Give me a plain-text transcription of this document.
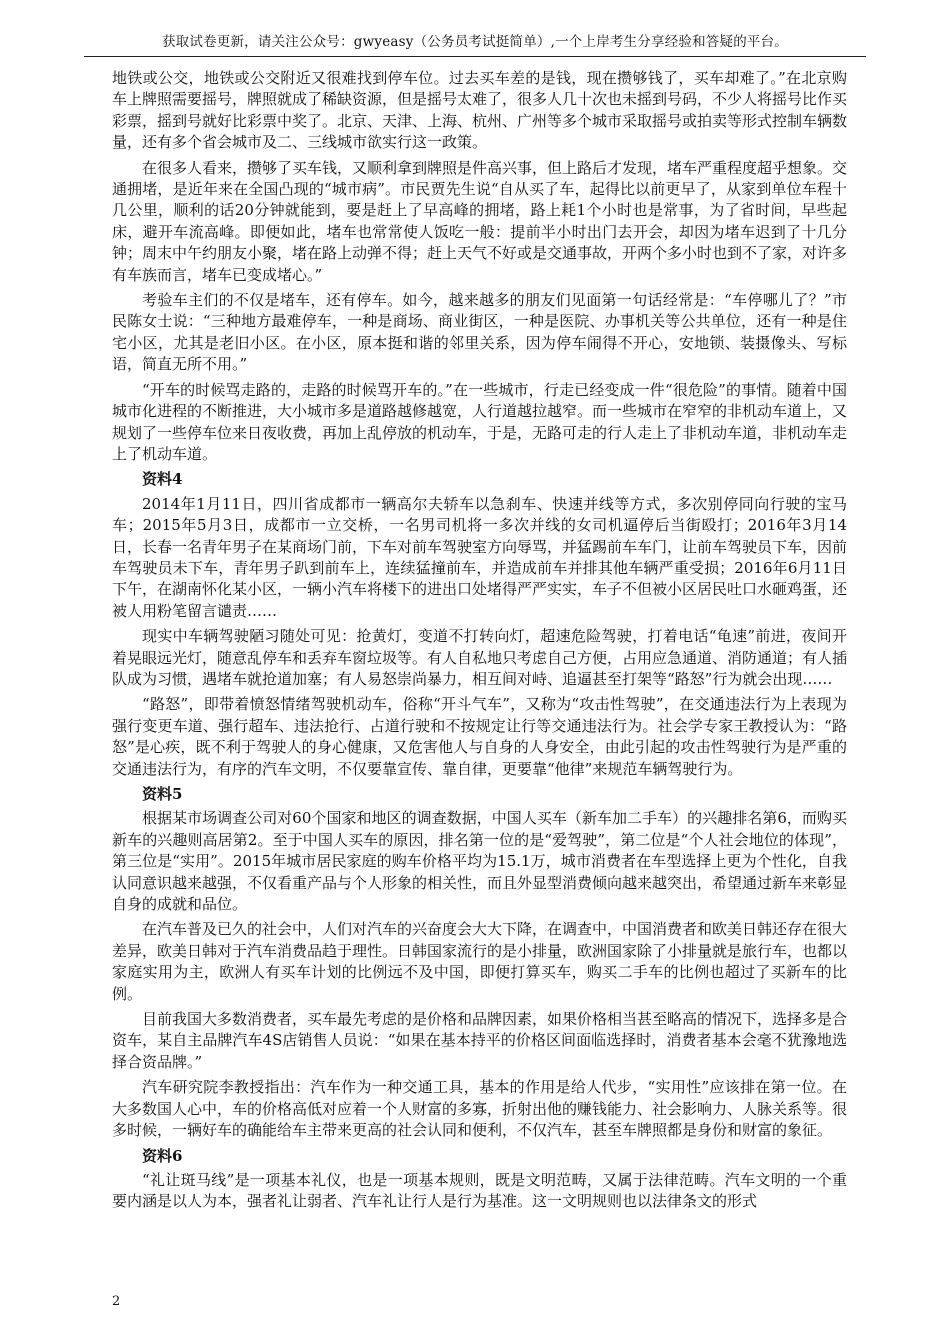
获取试卷更新，请关注公众号：gwyeasy（公务员考试挺简单）,一个上岸考生分享经验和答疑的平台。

地铁或公交，地铁或公交附近又很难找到停车位。过去买车差的是钱，现在攒够钱了，买车却难了。”在北京购车上牌照需要摇号，牌照就成了稀缺资源，但是摇号太难了，很多人几十次也未摇到号码，不少人将摇号比作买彩票，摇到号就好比彩票中奖了。北京、天津、上海、杭州、广州等多个城市采取摇号或拍卖等形式控制车辆数量，还有多个省会城市及二、三线城市欲实行这一政策。

在很多人看来，攒够了买车钱，又顺利拿到牌照是件高兴事，但上路后才发现，堵车严重程度超乎想象。交通拥堵，是近年来在全国凸现的“城市病”。市民贾先生说“自从买了车，起得比以前更早了，从家到单位车程十几公里，顺利的话20分钟就能到，要是赶上了早高峰的拥堵，路上耗1个小时也是常事，为了省时间，早些起床，避开车流高峰。即便如此，堵车也常常使人饭吃一般：提前半小时出门去开会，却因为堵车迟到了十几分钟；周末中午约朋友小聚，堵在路上动弹不得；赶上天气不好或是交通事故，开两个多小时也到不了家，对许多有车族而言，堵车已变成堵心。”

考验车主们的不仅是堵车，还有停车。如今，越来越多的朋友们见面第一句话经常是：“车停哪儿了？”市民陈女士说：“三种地方最难停车，一种是商场、商业街区，一种是医院、办事机关等公共单位，还有一种是住宅小区，尤其是老旧小区。在小区，原本挺和谐的邻里关系，因为停车闹得不开心，安地锁、装摄像头、写标语，简直无所不用。”

“开车的时候骂走路的，走路的时候骂开车的。”在一些城市，行走已经变成一件“很危险”的事情。随着中国城市化进程的不断推进，大小城市多是道路越修越宽，人行道越拉越窄。而一些城市在窄窄的非机动车道上，又规划了一些停车位来日夜收费，再加上乱停放的机动车，于是，无路可走的行人走上了非机动车道，非机动车走上了机动车道。

资料4

2014年1月11日，四川省成都市一辆高尔夫轿车以急刹车、快速并线等方式，多次别停同向行驶的宝马车；2015年5月3日，成都市一立交桥，一名男司机将一多次并线的女司机逼停后当街殴打；2016年3月14日，长春一名青年男子在某商场门前，下车对前车驾驶室方向辱骂，并猛踢前车车门，让前车驾驶员下车，因前车驾驶员未下车，青年男子趴到前车上，连续猛撞前车，并造成前车并排其他车辆严重受损；2016年6月11日下午，在湖南怀化某小区，一辆小汽车将楼下的进出口处堵得严严实实，车子不但被小区居民吐口水砸鸡蛋，还被人用粉笔留言谴责……

现实中车辆驾驶陋习随处可见：抢黄灯，变道不打转向灯，超速危险驾驶，打着电话“龟速”前进，夜间开着晃眼远光灯，随意乱停车和丢弃车窗垃圾等。有人自私地只考虑自己方便，占用应急通道、消防通道；有人插队成为习惯，遇堵车就抢道加塞；有人易怒崇尚暴力，相互间对峙、追逼甚至打架等“路怒”行为就会出现……

“路怒”，即带着愤怒情绪驾驶机动车，俗称“开斗气车”，又称为“攻击性驾驶”，在交通违法行为上表现为强行变更车道、强行超车、违法抢行、占道行驶和不按规定让行等交通违法行为。社会学专家王教授认为：“路怒”是心疾，既不利于驾驶人的身心健康，又危害他人与自身的人身安全，由此引起的攻击性驾驶行为是严重的交通违法行为，有序的汽车文明，不仅要靠宣传、靠自律，更要靠“他律”来规范车辆驾驶行为。

资料5

根据某市场调查公司对60个国家和地区的调查数据，中国人买车（新车加二手车）的兴趣排名第6，而购买新车的兴趣则高居第2。至于中国人买车的原因，排名第一位的是“爱驾驶”，第二位是“个人社会地位的体现”，第三位是“实用”。2015年城市居民家庭的购车价格平均为15.1万，城市消费者在车型选择上更为个性化，自我认同意识越来越强，不仅看重产品与个人形象的相关性，而且外显型消费倾向越来越突出，希望通过新车来彰显自身的成就和品位。

在汽车普及已久的社会中，人们对汽车的兴奋度会大大下降，在调查中，中国消费者和欧美日韩还存在很大差异，欧美日韩对于汽车消费品趋于理性。日韩国家流行的是小排量，欧洲国家除了小排量就是旅行车，也都以家庭实用为主，欧洲人有买车计划的比例远不及中国，即便打算买车，购买二手车的比例也超过了买新车的比例。

目前我国大多数消费者，买车最先考虑的是价格和品牌因素，如果价格相当甚至略高的情况下，选择多是合资车，某自主品牌汽车4S店销售人员说：“如果在基本持平的价格区间面临选择时，消费者基本会毫不犹豫地选择合资品牌。”

汽车研究院李教授指出：汽车作为一种交通工具，基本的作用是给人代步，“实用性”应该排在第一位。在大多数国人心中，车的价格高低对应着一个人财富的多寡，折射出他的赚钱能力、社会影响力、人脉关系等。很多时候，一辆好车的确能给车主带来更高的社会认同和便利，不仅汽车，甚至车牌照都是身份和财富的象征。

资料6

“礼让斑马线”是一项基本礼仪，也是一项基本规则，既是文明范畴，又属于法律范畴。汽车文明的一个重要内涵是以人为本，强者礼让弱者、汽车礼让行人是行为基准。这一文明规则也以法律条文的形式

2
